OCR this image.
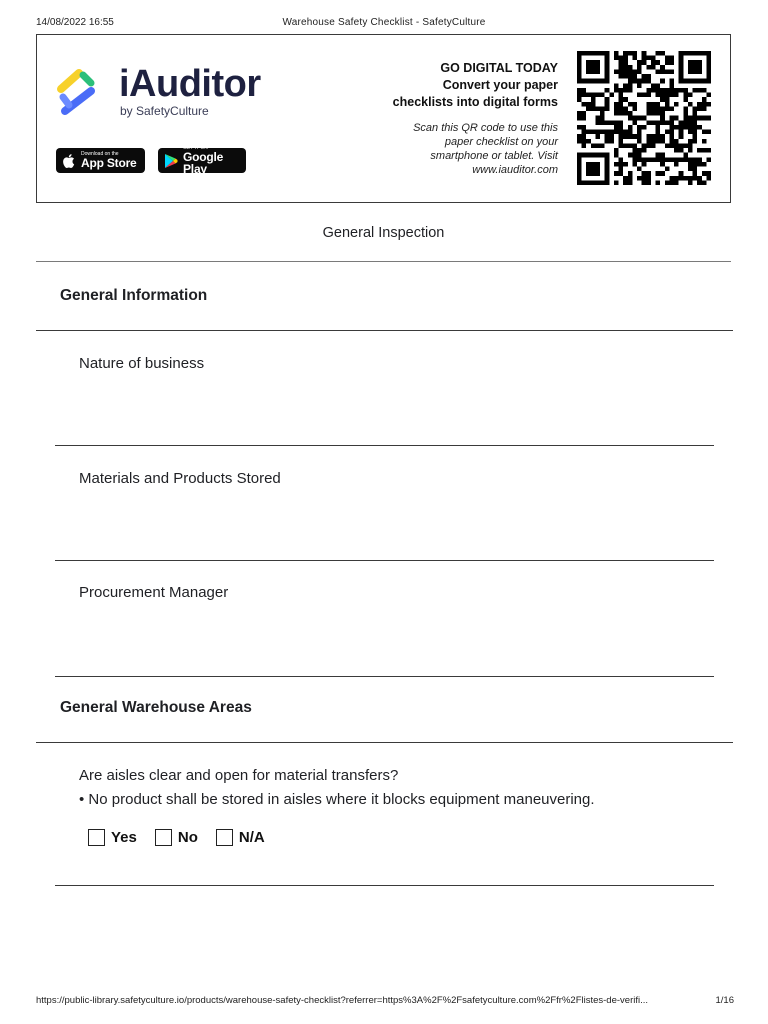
14/08/2022 16:55	Warehouse Safety Checklist - SafetyCulture
iAuditor
by SafetyCulture
Download on the
App Store
GET IT ON
Google Play
GO DIGITAL TODAY
Convert your paper
checklists into digital forms
Scan this QR code to use this
paper checklist on your
smartphone or tablet. Visit
www.iauditor.com
General Inspection
General Information
Nature of business
Materials and Products Stored
Procurement Manager
General Warehouse Areas
Are aisles clear and open for material transfers?
• No product shall be stored in aisles where it blocks equipment maneuvering.
Yes	No	N/A
https://public-library.safetyculture.io/products/warehouse-safety-checklist?referrer=https%3A%2F%2Fsafetyculture.com%2Ffr%2Flistes-de-verifi...	1/16
